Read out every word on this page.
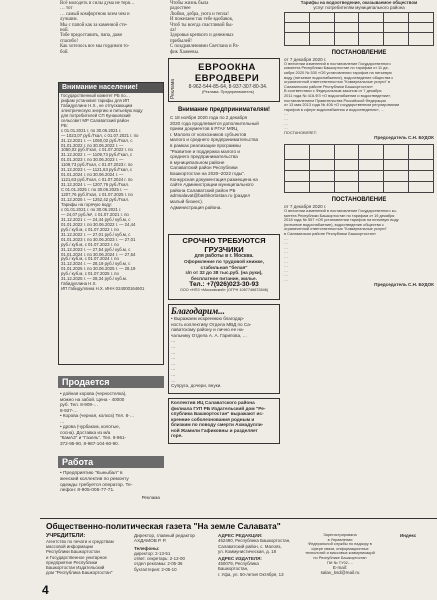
Всё молодеть и силы дума не теря…

… тот

… самый комфортною всем чем и

лучшим.

Мы с папой как за каменной сте-

ной.

Тобе предоставить, папа, даже

спасибо!

Как хотелось все мы гордимся то-

бой.

Внимание население!

Государственный комитет РБ по…

рифам установил тарифы для ИП

Габидуллине Н.Х., не отпускающим

электрическую энергию и питьевую воду

для потребителей СП Кунаковский

сельсовет МР Салаватский район

РБ:

с 01.01.2021 г. по 30.06.2021 г.

— 1023,07 руб./Гкал, с 01.07.2021 г. по

31.12.2021 г. — 1050,02 руб./Гкал, с

01.01.2022 г. по 30.06.2022 г. —

1050,02 руб./Гкал, с 01.07.2022 г. по

31.12.2022 г. — 1109,73 руб./Гкал, с

01.01.2023 г. по 30.06.2023 г. —

1109,73 руб./Гкал, с 01.07.2023 г. по

31.12.2023 г. — 1121,63 руб./Гкал, с

01.01.2024 г. по 30.06.2024 г. —

1121,63 руб./Гкал, с 01.07.2024 г. по

31.12.2024 г. — 1207,76 руб./Гкал.

С 01.01.2025 г. по 30.06.2025 г. —

1207,76 руб./Гкал, с 01.07.2025 г. по

31.12.2025 г. — 1252,42 руб./Гкал.

Тарифы на горячую воду:

с 01.01.2021 г. по 30.06.2021 г.

— 24,07 руб./м³, с 01.07.2021 г. по

31.12.2021 г. — 24,44 руб./ куб.м, с

01.01.2022 г. по 30.06.2022 г. — 24,44

руб./ куб.м, с 01.07.2022 г. по

31.12.2022 г. — 27,01 руб./ куб.м, с

01.01.2023 г. по 30.06.2023 г. — 27,01

руб./ куб.м, с 01.07.2023 г. по

31.12.2023 г. — 27,54 руб./ куб.м, с

01.01.2024 г. по 30.06.2024 г. — 27,54

руб./ куб.м, с 01.07.2024 г. по

31.12.2024 г. — 28,19 руб./ куб.м, с

01.01.2025 г. по 30.06.2025 г. — 28,19

руб./ куб.м, с 01.07.2025 г. по

31.12.2025 г. — 28,34 руб./ куб.м.

Габидуллина Н.Х.

ИП Габидуллина Н.Х. ИНН 024000164601

Продается

• дойная корова (черностелка),

можно на забой. Цена - 40000

руб. Тел. 8-909-…

8-937-…

• Корова (черная, колхоз) Тел. 8-…

…

• дрова (чурбаком, колотые,

сосна). Доставка из м/а

"КамАЗ" и "Газель". Тел. 8-961-

372-95-90, 8-987-104-60-90.

Работа

• Предприятию "Кыныбал" в

женский коллектив по ремонту

одежды требуется оператор. Те-

лефон: 8-905-006-77-71.

Реклама

Чтобы жизнь была

радостнее

Любви, добра, уюта и тепла!

И пожелаем так тебе вдобавок,

Чтоб ты всегда счастливой бы-

ла!

Здоровья крепкого и денежных

прибылей!

С поздравлениями Светлана и Ра-

фик Хажеевы.

Реклама
ЕВРООКНА ЕВРОДВЕРИ
8-962-544-85-64, 8-937-307-80-34.
(Реклама. Предприниматель)
Внимание предпринимателям!

С 18 ноября 2020 года по 2 декабря

2020 года продлевается дополнительный

прием документов в РГАУ МФЦ

г. Малояз от колхозников субъектов

малого и среднего предпринимательства

в рамках реализации программы

"Развитие и поддержка малого и

среднего предпринимательства

в муниципальном районе

Салаватский район Республики

Башкортостан на 2020–2022 годы".

Конкурсная документация размещена на

сайте Администрации муниципального

района Салаватский район РБ

admsalavat@bashkortostan.ru (раздел

малый бизнес).

Администрация района.

СРОЧНО ТРЕБУЮТСЯ ГРУЗЧИКИ
для работы в г. Москва.

Оформление по трудовой книжке,

стабильная "белая"

з/п от 32 до 38 тыс.руб. (на руки),

бесплатное питание, жилье.

Тел.: +7(926)023-30-93
ООО «НПЗ «Московский» (ОГРН 1087746672846)
Благодарим...

• Выражаем искреннюю благодар-

ность коллективу Отдела МВД по Са-

лаватскому району и лично ее на-

чальнику Отдела А. А. Гарипова, …

…

…

…

…

…

…

…

…

Супруга, дочери, внуки.

Коллектив ИЦ Салаватского района

филиала ГУП РБ Издательский дом "Ре-

спублика Башкортостан" выражают ис-

кренние соболезнования родным и

близким по поводу смерти Ахмадулли-

ной Жамили Гафиковны и разделяет

горе.

Тарифы на водоотведение, оказываемое обществом
услуг потребителям муниципального района

ПОСТАНОВЛЕНИЕ
от 7 декабря 2020 г.

О внесении изменений в постановление Государственного

комитета Республики Башкортостан по тарифам от 11 де-

кабря 2020 № 530 «Об установлении тарифов на питьевую

воду (питьевое водоснабжение), водоотведение общества с

ограниченной ответственностью "Коммунальные услуги" в

Салаватском районе Республики Башкортостан»

В соответствии с Федеральным законом от 7 декабря

2011 года № 416-ФЗ «О водоснабжении и водоотведении»,

постановлением Правительства Российской Федерации

от 13 мая 2013 года № 406 «О государственном регулировании

тарифов в сфере водоснабжения и водоотведения», …

…

…

…

…

ПОСТАНОВЛЯЕТ:

Председатель С.Н. БУДОК

ПОСТАНОВЛЕНИЕ
от 7 декабря 2020 г.

О внесении изменений в постановление Государственного ко-

митета Республики Башкортостан по тарифам от 19 декабря

2018 года № 557 «Об установлении тарифов на питьевую воду

(питьевое водоснабжение), водоотведение общества с

ограниченной ответственностью "Коммунальные услуги"

в Салаватском районе Республики Башкортостан»

…

…

…

…

…

…

…

…

…

…

Председатель С.Н. БУДОК
Общественно-политическая газета "На земле Салавата"
УЧРЕДИТЕЛИ:

Агентство по печати и средствам

массовой информации

Республики Башкортостан

и Государственное унитарное

предприятие Республики

Башкортостан Издательский

дом "Республика Башкортостан"

Директор, главный редактор АХДАМОВ Р. Р.
Телефоны:

директор: 2-13-51

ответ. секретарь: 2-12-00

отдел рекламы: 2-05-36

бухгалтерия: 2-05-10

АДРЕС РЕДАКЦИИ:

452490, Республика Башкортостан,

Салаватский район, с. Малояз,

ул. Коммунистическая, д. 18

АДРЕС ИЗДАТЕЛЯ:

450079, Республика

Башкортостан,

г. Уфа, ул. 50-летия Октября, 13

Зарегистрирована

в Управлении

Федеральной службы по надзору в

сфере связи, информационных

технологий и массовых коммуникаций

по Республике Башкортостан

ПИ № ТУ02-…

E-mail:
salav_ksd@mail.ru
Индекс
4
